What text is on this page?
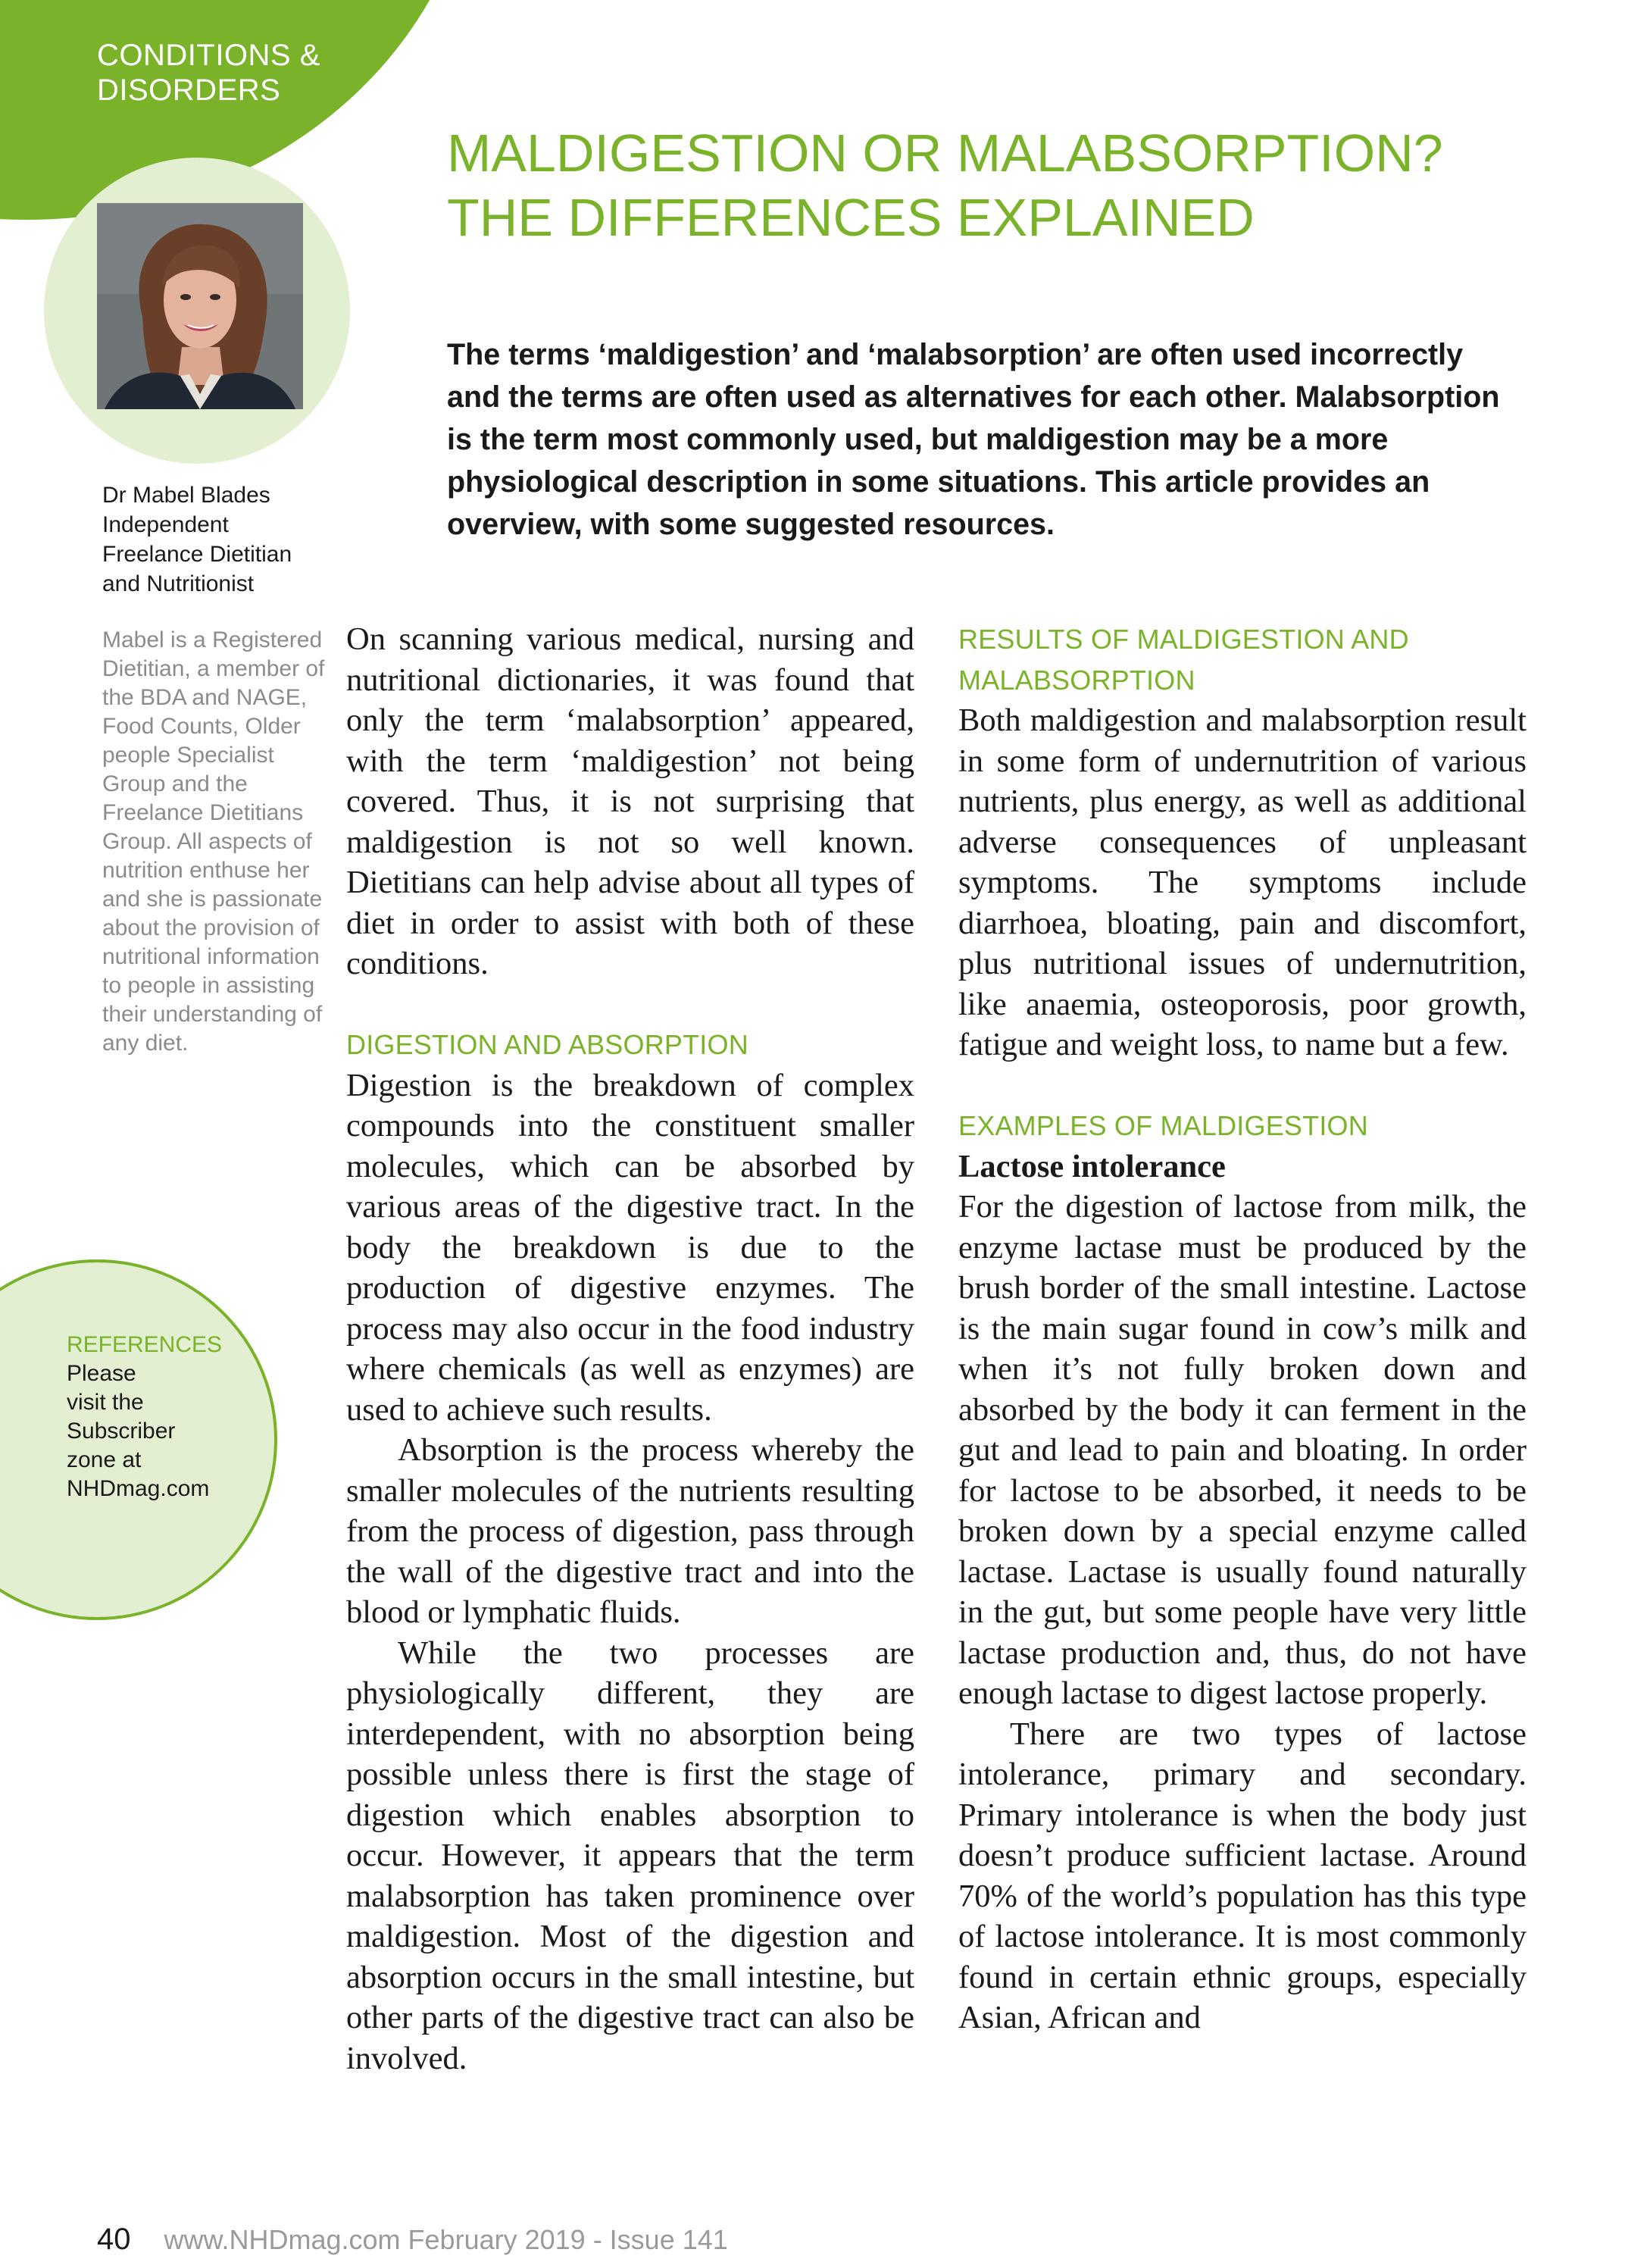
CONDITIONS & DISORDERS
MALDIGESTION OR MALABSORPTION?
THE DIFFERENCES EXPLAINED
The terms ‘maldigestion’ and ‘malabsorption’ are often used incorrectly and the terms are often used as alternatives for each other. Malabsorption is the term most commonly used, but maldigestion may be a more physiological description in some situations. This article provides an overview, with some suggested resources.
Dr Mabel Blades
Independent
Freelance Dietitian
and Nutritionist
Mabel is a Registered Dietitian, a member of the BDA and NAGE, Food Counts, Older people Specialist Group and the Freelance Dietitians Group. All aspects of nutrition enthuse her and she is passionate about the provision of nutritional information to people in assisting their understanding of any diet.
REFERENCES
Please
visit the
Subscriber
zone at
NHDmag.com

On scanning various medical, nursing and nutritional dictionaries, it was found that only the term ‘malabsorption’ appeared, with the term ‘maldigestion’ not being covered. Thus, it is not surprising that maldigestion is not so well known. Dietitians can help advise about all types of diet in order to assist with both of these conditions.

DIGESTION AND ABSORPTION

Digestion is the breakdown of complex compounds into the constituent smaller molecules, which can be absorbed by various areas of the digestive tract. In the body the breakdown is due to the production of digestive enzymes. The process may also occur in the food industry where chemicals (as well as enzymes) are used to achieve such results.

Absorption is the process whereby the smaller molecules of the nutrients resulting from the process of digestion, pass through the wall of the digestive tract and into the blood or lymphatic fluids.

While the two processes are physiologically different, they are interdependent, with no absorption being possible unless there is first the stage of digestion which enables absorption to occur. However, it appears that the term malabsorption has taken prominence over maldigestion. Most of the digestion and absorption occurs in the small intestine, but other parts of the digestive tract can also be involved.

RESULTS OF MALDIGESTION AND MALABSORPTION

Both maldigestion and malabsorption result in some form of undernutrition of various nutrients, plus energy, as well as additional adverse consequences of unpleasant symptoms. The symptoms include diarrhoea, bloating, pain and discomfort, plus nutritional issues of undernutrition, like anaemia, osteoporosis, poor growth, fatigue and weight loss, to name but a few.

EXAMPLES OF MALDIGESTION
Lactose intolerance

For the digestion of lactose from milk, the enzyme lactase must be produced by the brush border of the small intestine. Lactose is the main sugar found in cow’s milk and when it’s not fully broken down and absorbed by the body it can ferment in the gut and lead to pain and bloating. In order for lactose to be absorbed, it needs to be broken down by a special enzyme called lactase. Lactase is usually found naturally in the gut, but some people have very little lactase production and, thus, do not have enough lactase to digest lactose properly.

There are two types of lactose intolerance, primary and secondary. Primary intolerance is when the body just doesn’t produce sufficient lactase. Around 70% of the world’s population has this type of lactose intolerance. It is most commonly found in certain ethnic groups, especially Asian, African and

40 www.NHDmag.com February 2019 - Issue 141
